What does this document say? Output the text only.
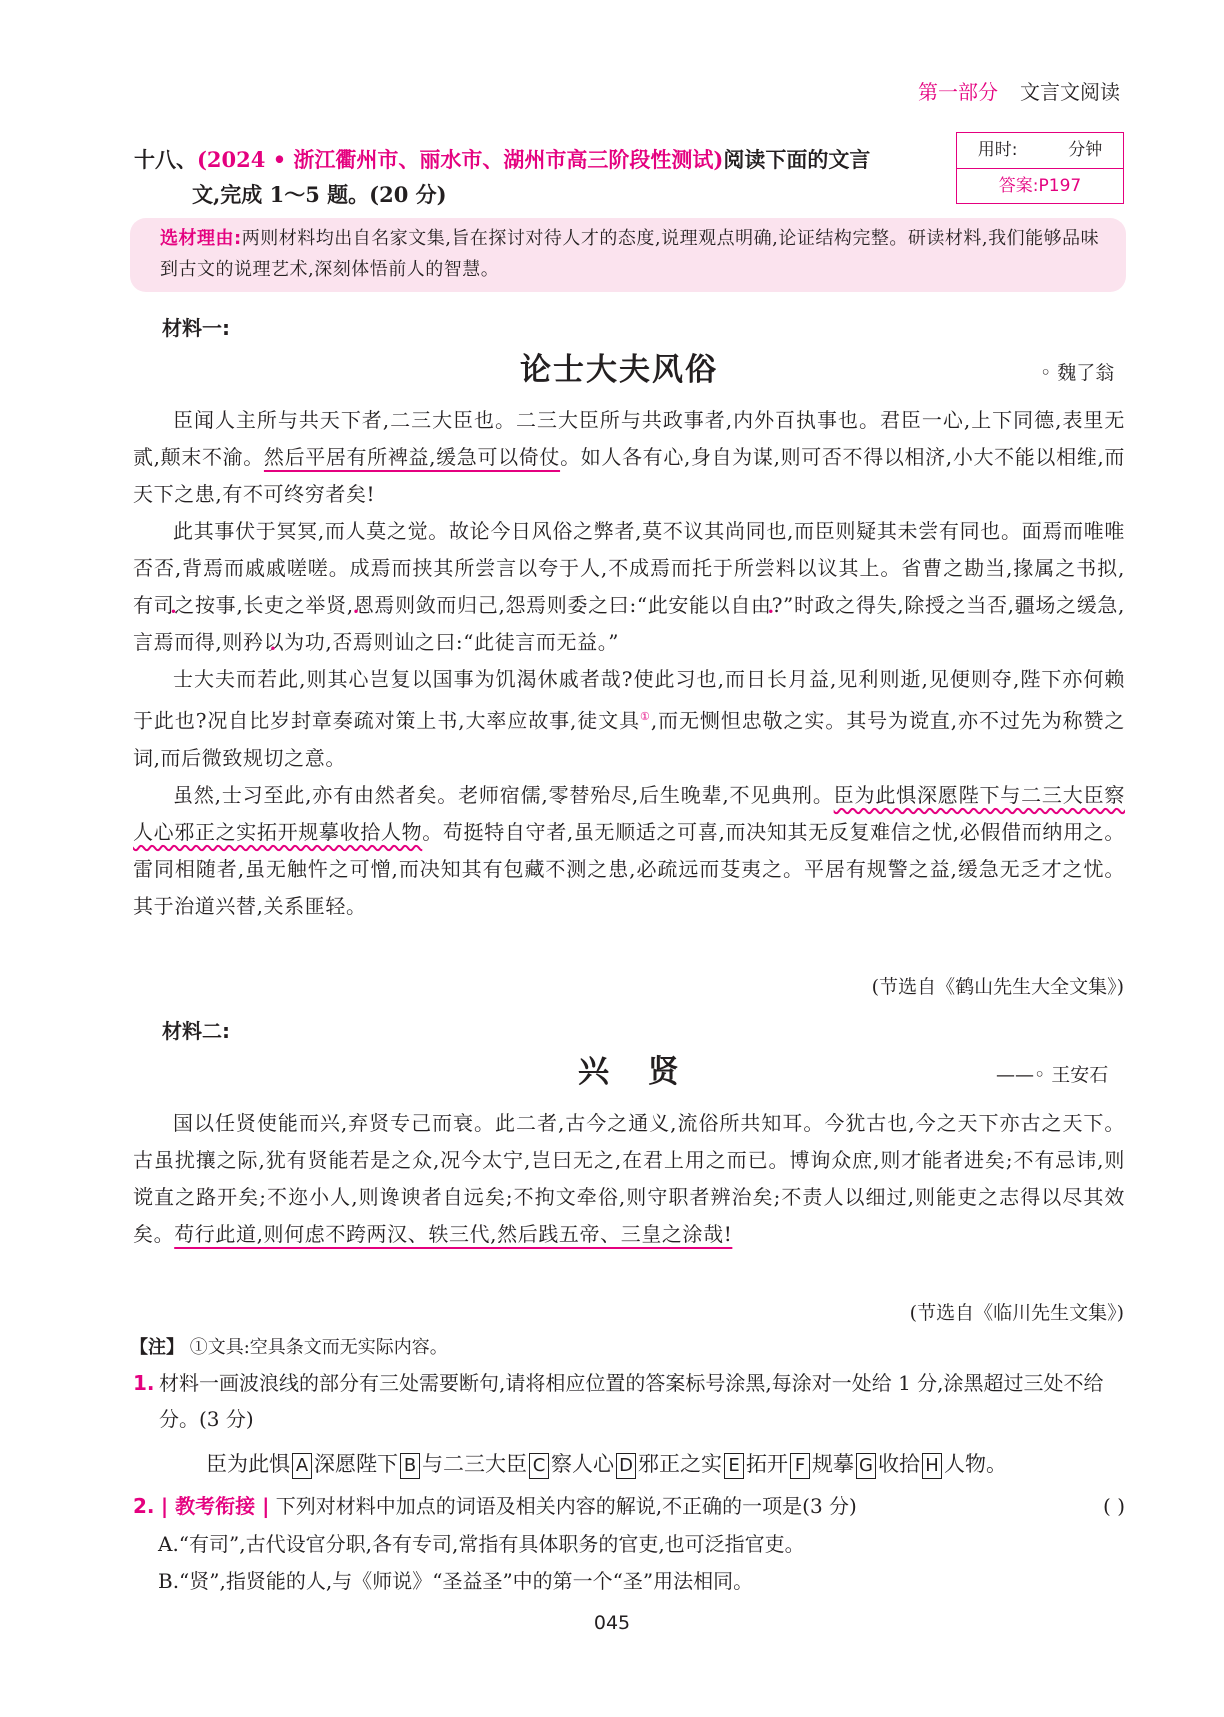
第一部分 文言文阅读
十八、(2024 • 浙江衢州市、丽水市、湖州市高三阶段性测试)阅读下面的文言
文,完成 1～5 题。(20 分)
用时:	分钟
答案:P197
选材理由:两则材料均出自名家文集,旨在探讨对待人才的态度,说理观点明确,论证结构完整。研读材料,我们能够品味到古文的说理艺术,深刻体悟前人的智慧。
材料一:
论士大夫风俗	◦ 魏了翁

臣闻人主所与共天下者,二三大臣也。二三大臣所与共政事者,内外百执事也。君臣一心,上下同德,表里无贰,颠末不渝。然后平居有所裨益,缓急可以倚仗。如人各有心,身自为谋,则可否不得以相济,小大不能以相维,而天下之患,有不可终穷者矣!

此其事伏于冥冥,而人莫之觉。故论今日风俗之弊者,莫不议其尚同也,而臣则疑其未尝有同也。面焉而唯唯否否,背焉而戚戚嗟嗟。成焉而挟其所尝言以夸于人,不成焉而托于所尝料以议其上。省曹之勘当,掾属之书拟,有司之按事,长吏之举贤,恩焉则敛而归己,怨焉则委之曰:“此安能以自由?”时政之得失,除授之当否,疆场之缓急,言焉而得,则矜以为功,否焉则讪之曰:“此徒言而无益。”

士大夫而若此,则其心岂复以国事为饥渴休戚者哉?使此习也,而日长月益,见利则逝,见便则夺,陛下亦何赖于此也?况自比岁封章奏疏对策上书,大率应故事,徒文具①,而无恻怛忠敬之实。其号为谠直,亦不过先为称赞之词,而后微致规切之意。

虽然,士习至此,亦有由然者矣。老师宿儒,零替殆尽,后生晚辈,不见典刑。臣为此惧深愿陛下与二三大臣察人心邪正之实拓开规摹收拾人物。苟挺特自守者,虽无顺适之可喜,而决知其无反复难信之忧,必假借而纳用之。雷同相随者,虽无触忤之可憎,而决知其有包藏不测之患,必疏远而芟夷之。平居有规警之益,缓急无乏才之忧。其于治道兴替,关系匪轻。

(节选自《鹤山先生大全文集》)
材料二:
兴 贤	——◦ 王安石

国以任贤使能而兴,弃贤专己而衰。此二者,古今之通义,流俗所共知耳。今犹古也,今之天下亦古之天下。古虽扰攘之际,犹有贤能若是之众,况今太宁,岂曰无之,在君上用之而已。博询众庶,则才能者进矣;不有忌讳,则谠直之路开矣;不迩小人,则谗谀者自远矣;不拘文牵俗,则守职者辨治矣;不责人以细过,则能吏之志得以尽其效矣。苟行此道,则何虑不跨两汉、轶三代,然后践五帝、三皇之涂哉!

(节选自《临川先生文集》)
【注】 ①文具:空具条文而无实际内容。
1. 材料一画波浪线的部分有三处需要断句,请将相应位置的答案标号涂黑,每涂对一处给 1 分,涂黑超过三处不给分。(3 分)
臣为此惧 A 深愿陛下 B 与二三大臣 C 察人心 D 邪正之实 E 拓开 F 规摹 G 收拾 H 人物。
2. | 教考衔接 | 下列对材料中加点的词语及相关内容的解说,不正确的一项是(3 分)	( )
A.“有司”,古代设官分职,各有专司,常指有具体职务的官吏,也可泛指官吏。
B.“贤”,指贤能的人,与《师说》“圣益圣”中的第一个“圣”用法相同。
045
